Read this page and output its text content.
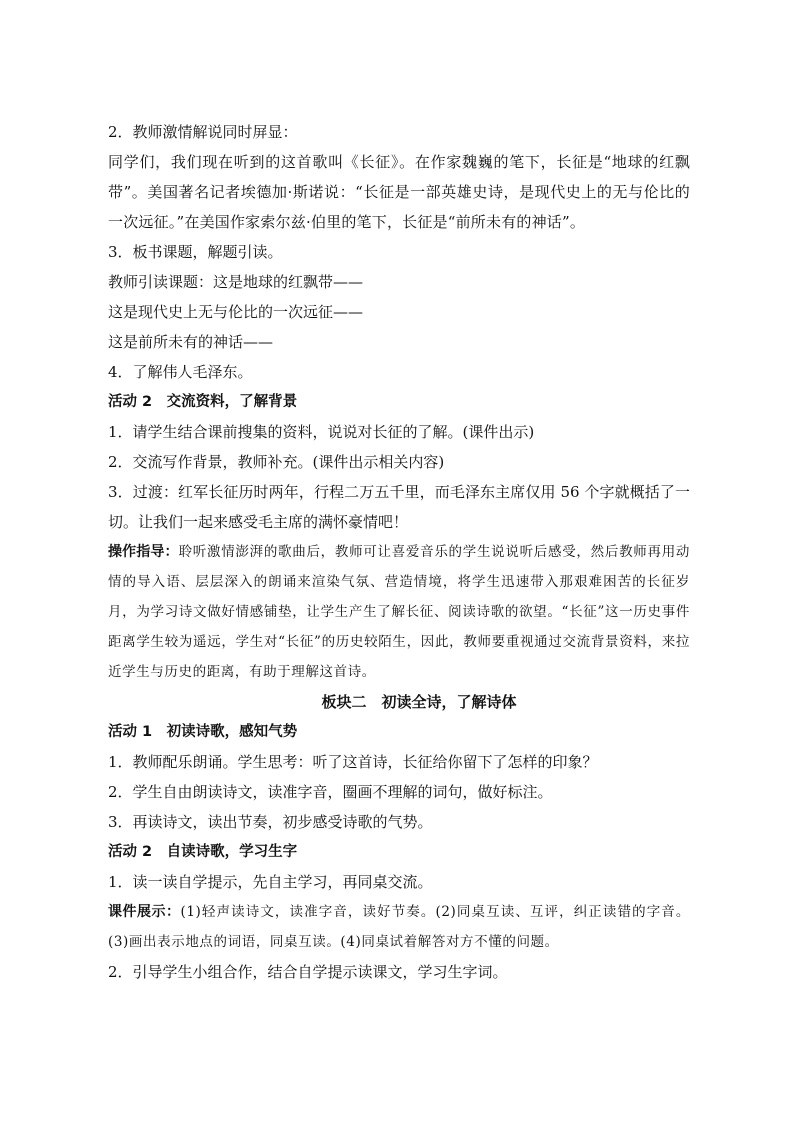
2．教师激情解说同时屏显：

同学们，我们现在听到的这首歌叫《长征》。在作家魏巍的笔下，长征是“地球的红飘带”。美国著名记者埃德加·斯诺说：“长征是一部英雄史诗，是现代史上的无与伦比的一次远征。”在美国作家索尔兹·伯里的笔下，长征是“前所未有的神话”。

3．板书课题，解题引读。

教师引读课题：这是地球的红飘带——

这是现代史上无与伦比的一次远征——

这是前所未有的神话——

4．了解伟人毛泽东。

活动 2　交流资料，了解背景

1．请学生结合课前搜集的资料，说说对长征的了解。(课件出示)

2．交流写作背景，教师补充。(课件出示相关内容)

3．过渡：红军长征历时两年，行程二万五千里，而毛泽东主席仅用 56 个字就概括了一切。让我们一起来感受毛主席的满怀豪情吧！

操作指导：聆听激情澎湃的歌曲后，教师可让喜爱音乐的学生说说听后感受，然后教师再用动情的导入语、层层深入的朗诵来渲染气氛、营造情境，将学生迅速带入那艰难困苦的长征岁月，为学习诗文做好情感铺垫，让学生产生了解长征、阅读诗歌的欲望。“长征”这一历史事件距离学生较为遥远，学生对“长征”的历史较陌生，因此，教师要重视通过交流背景资料，来拉近学生与历史的距离，有助于理解这首诗。

板块二　初读全诗，了解诗体

活动 1　初读诗歌，感知气势

1．教师配乐朗诵。学生思考：听了这首诗，长征给你留下了怎样的印象？

2．学生自由朗读诗文，读准字音，圈画不理解的词句，做好标注。

3．再读诗文，读出节奏，初步感受诗歌的气势。

活动 2　自读诗歌，学习生字

1．读一读自学提示，先自主学习，再同桌交流。

课件展示：(1)轻声读诗文，读准字音，读好节奏。(2)同桌互读、互评，纠正读错的字音。(3)画出表示地点的词语，同桌互读。(4)同桌试着解答对方不懂的问题。

2．引导学生小组合作，结合自学提示读课文，学习生字词。
